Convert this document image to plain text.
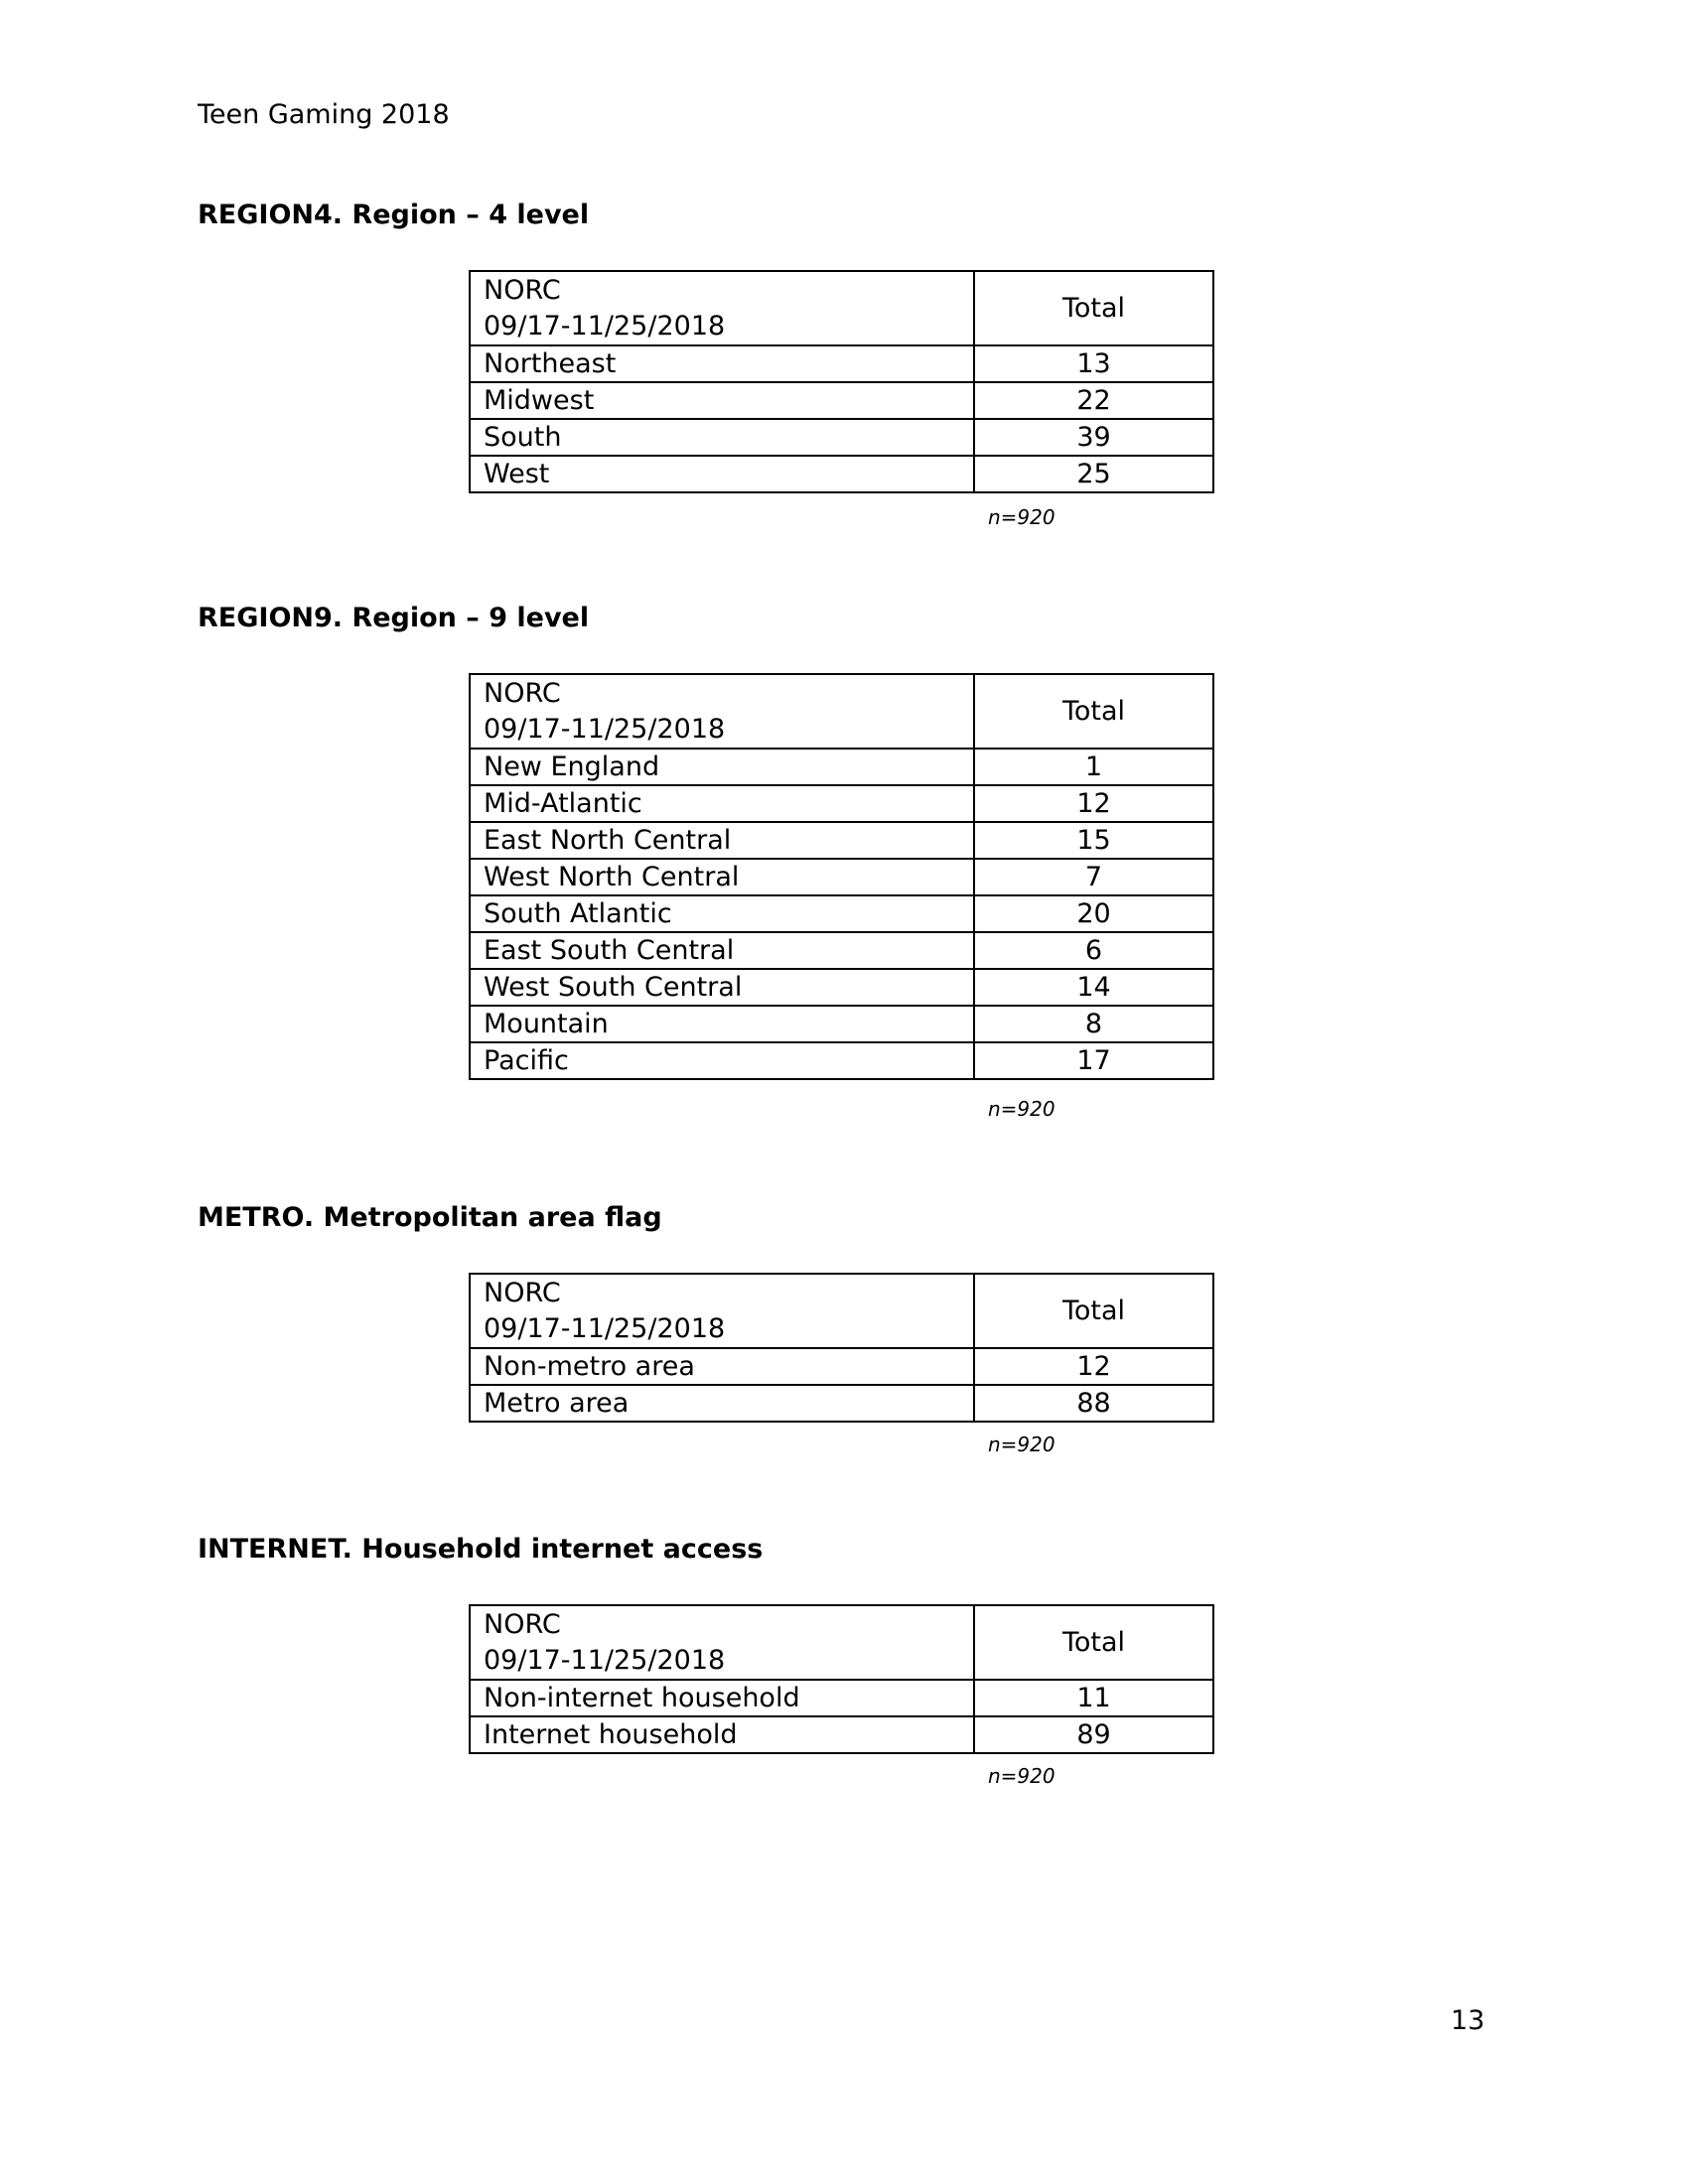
Teen Gaming 2018
REGION4. Region – 4 level
NORC
09/17-11/25/2018	Total
Northeast	13
Midwest	22
South	39
West	25
n=920
REGION9. Region – 9 level
NORC
09/17-11/25/2018	Total
New England	1
Mid-Atlantic	12
East North Central	15
West North Central	7
South Atlantic	20
East South Central	6
West South Central	14
Mountain	8
Pacific	17
n=920
METRO. Metropolitan area flag
NORC
09/17-11/25/2018	Total
Non-metro area	12
Metro area	88
n=920
INTERNET. Household internet access
NORC
09/17-11/25/2018	Total
Non-internet household	11
Internet household	89
n=920
13
